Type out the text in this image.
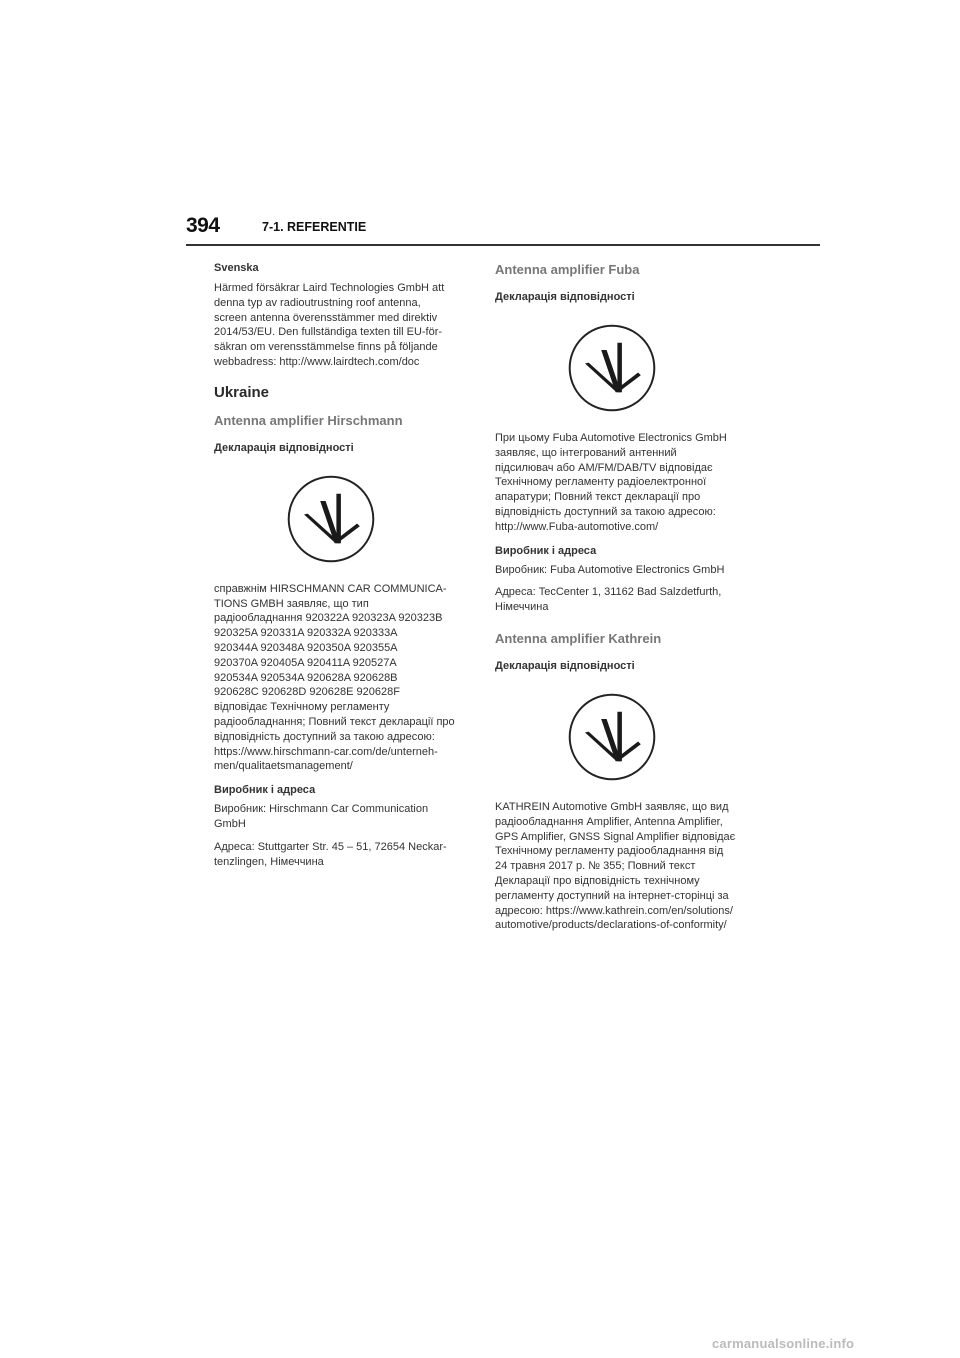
394	7-1. REFERENTIE
Svenska
Härmed försäkrar Laird Technologies GmbH att
denna typ av radioutrustning roof antenna,
screen antenna överensstämmer med direktiv
2014/53/EU. Den fullständiga texten till EU-för-
säkran om verensstämmelse finns på följande
webbadress: http://www.lairdtech.com/doc
Ukraine
Antenna amplifier Hirschmann
Декларація відповідності
справжнім HIRSCHMANN CAR COMMUNICA-
TIONS GMBH заявляє, що тип
радіообладнання 920322A 920323A 920323B
920325A 920331A 920332A 920333A
920344A 920348A 920350A 920355A
920370A 920405A 920411A 920527A
920534A 920534A 920628A 920628B
920628C 920628D 920628E 920628F
відповідає Технічному регламенту
радіообладнання; Повний текст декларації про
відповідність доступний за такою адресою:
https://www.hirschmann-car.com/de/unterneh-
men/qualitaetsmanagement/
Виробник і адреса
Виробник: Hirschmann Car Communication
GmbH
Адреса: Stuttgarter Str. 45 – 51, 72654 Neckar-
tenzlingen, Німеччина
Antenna amplifier Fuba
Декларація відповідності
При цьому Fuba Automotive Electronics GmbH
заявляє, що інтегрований антенний
підсилювач або AM/FM/DAB/TV відповідає
Технічному регламенту радіоелектронної
апаратури; Повний текст декларації про
відповідність доступний за такою адресою:
http://www.Fuba-automotive.com/
Виробник і адреса
Виробник: Fuba Automotive Electronics GmbH
Адреса: TecCenter 1, 31162 Bad Salzdetfurth,
Німеччина
Antenna amplifier Kathrein
Декларація відповідності
KATHREIN Automotive GmbH заявляє, що вид
радіообладнання Amplifier, Antenna Amplifier,
GPS Amplifier, GNSS Signal Amplifier відповідає
Технічному регламенту радіообладнання від
24 травня 2017 р. № 355; Повний текст
Декларації про відповідність технічному
регламенту доступний на інтернет-сторінці за
адресою: https://www.kathrein.com/en/solutions/
automotive/products/declarations-of-conformity/
carmanualsonline.info
